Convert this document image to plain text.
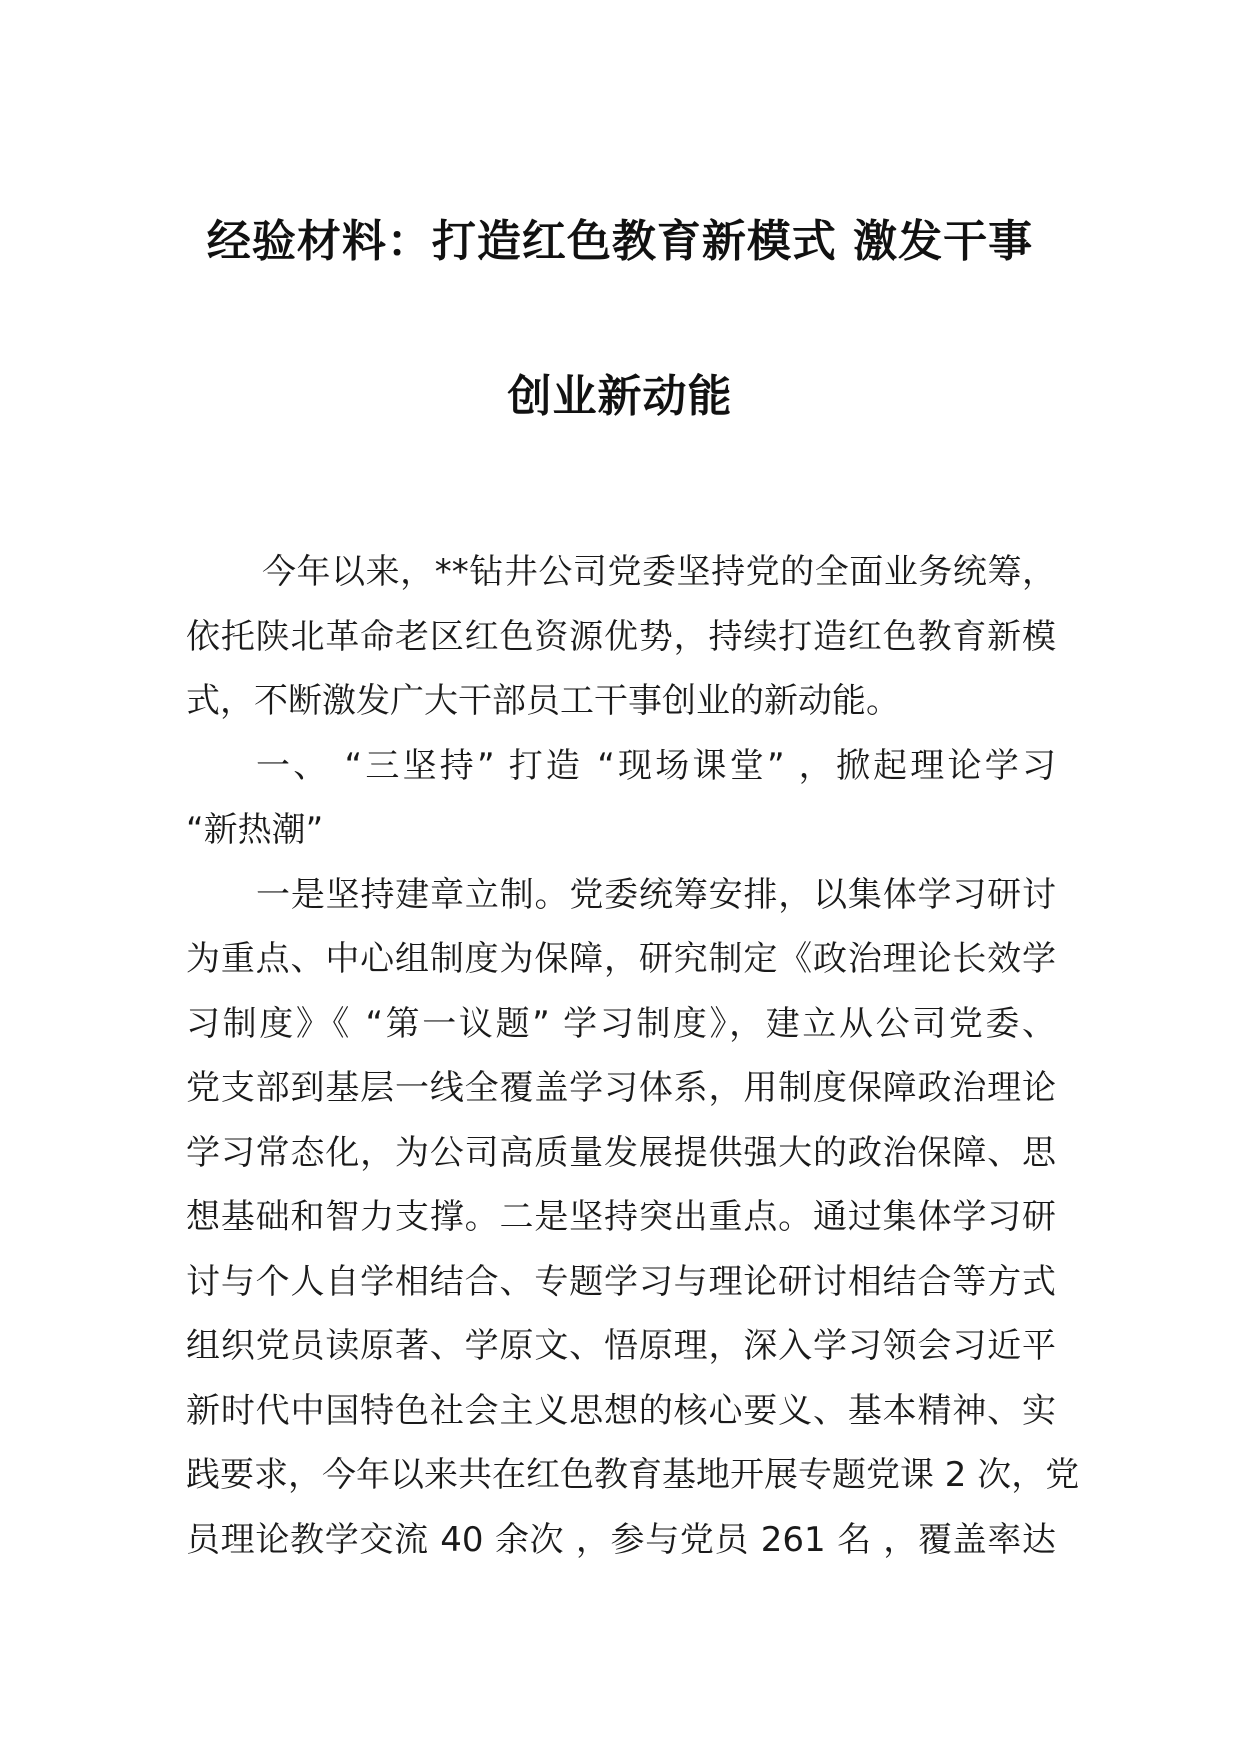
经验材料：打造红色教育新模式 激发干事
创业新动能
今年以来，**钻井公司党委坚持党的全面业务统筹，
依托陕北革命老区红色资源优势，持续打造红色教育新模
式，不断激发广大干部员工干事创业的新动能。
一、 “三坚持” 打造 “现场课堂” ，掀起理论学习
“新热潮”
一是坚持建章立制。党委统筹安排，以集体学习研讨
为重点、中心组制度为保障，研究制定《政治理论长效学
习制度》《 “第一议题” 学习制度》，建立从公司党委、
党支部到基层一线全覆盖学习体系，用制度保障政治理论
学习常态化，为公司高质量发展提供强大的政治保障、思
想基础和智力支撑。二是坚持突出重点。通过集体学习研
讨与个人自学相结合、专题学习与理论研讨相结合等方式
组织党员读原著、学原文、悟原理，深入学习领会习近平
新时代中国特色社会主义思想的核心要义、基本精神、实
践要求，今年以来共在红色教育基地开展专题党课 2 次，党
员理论教学交流 40 余次 ，参与党员 261 名 ，覆盖率达
